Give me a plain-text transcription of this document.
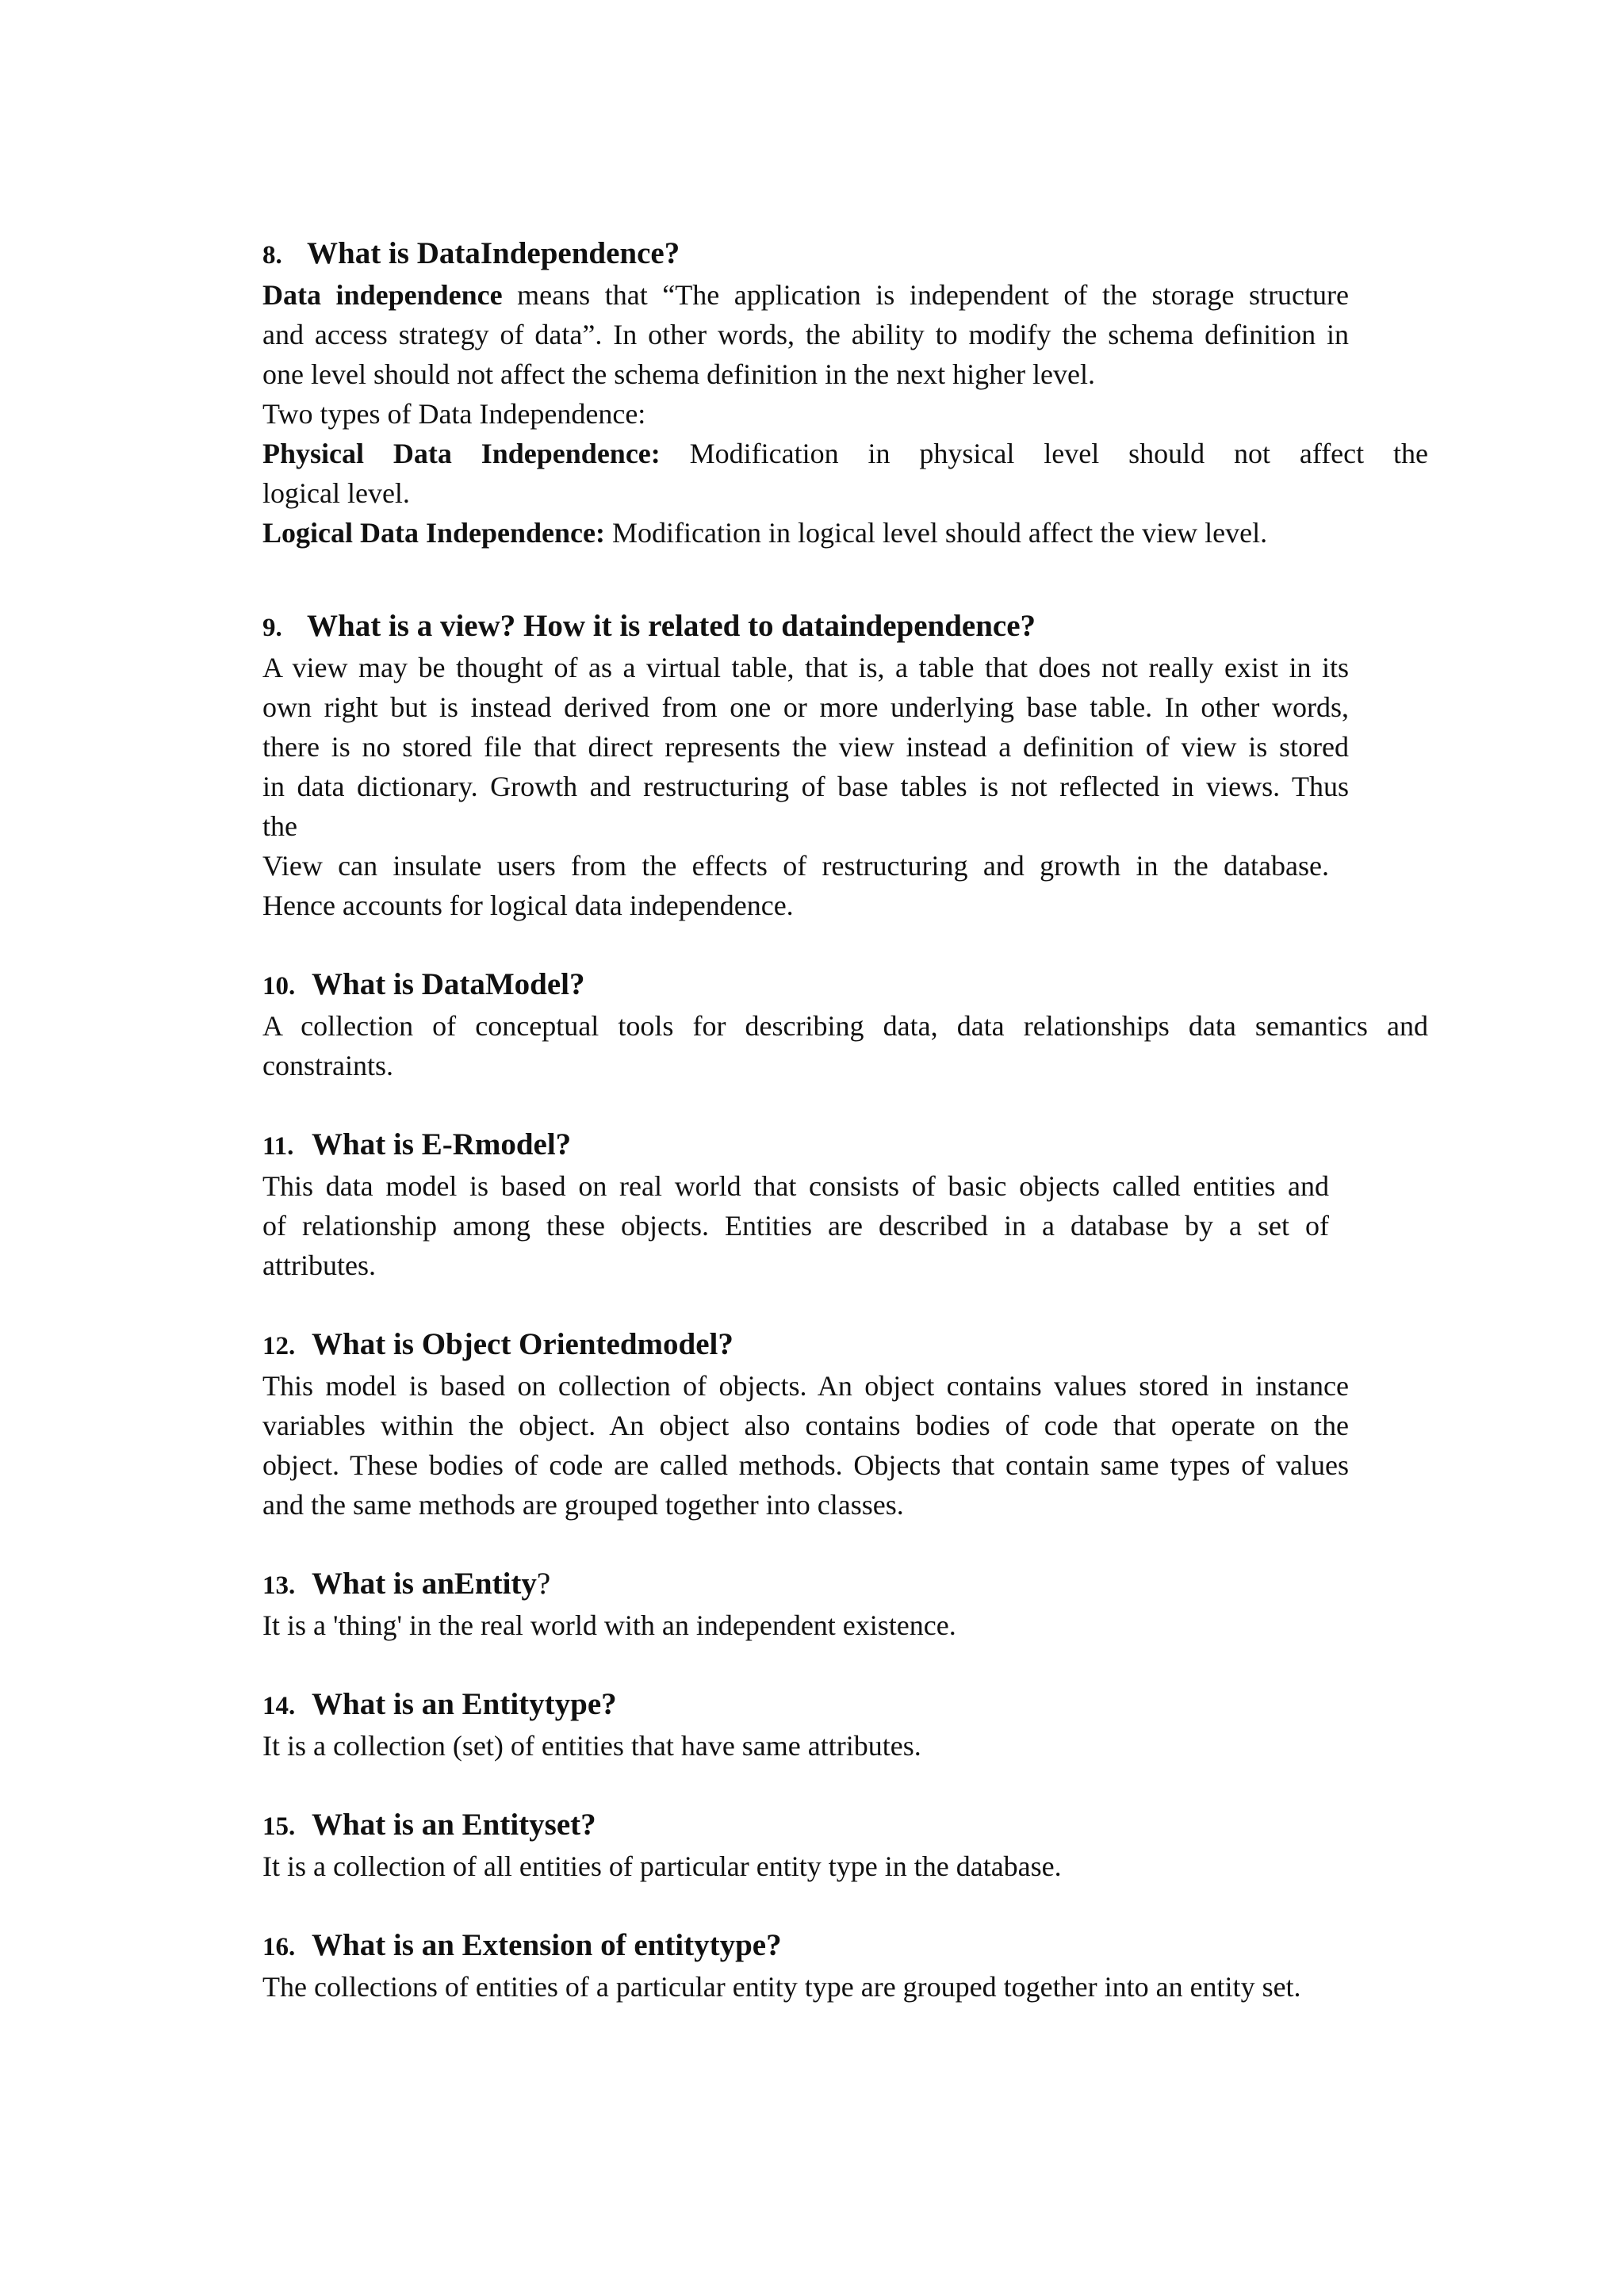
8. What is DataIndependence?

Data independence means that “The application is independent of the storage structure

and access strategy of data”. In other words, the ability to modify the schema definition in

one level should not affect the schema definition in the next higher level.

Two types of Data Independence:

Physical Data Independence: Modification in physical level should not affect the

logical level.

Logical Data Independence: Modification in logical level should affect the view level.

9. What is a view? How it is related to dataindependence?

A view may be thought of as a virtual table, that is, a table that does not really exist in its

own right but is instead derived from one or more underlying base table. In other words,

there is no stored file that direct represents the view instead a definition of view is stored

in data dictionary. Growth and restructuring of base tables is not reflected in views. Thus

the

View can insulate users from the effects of restructuring and growth in the database.

Hence accounts for logical data independence.

10. What is DataModel?

A collection of conceptual tools for describing data, data relationships data semantics and

constraints.

11. What is E-Rmodel?

This data model is based on real world that consists of basic objects called entities and

of relationship among these objects. Entities are described in a database by a set of

attributes.

12. What is Object Orientedmodel?

This model is based on collection of objects. An object contains values stored in instance

variables within the object. An object also contains bodies of code that operate on the

object. These bodies of code are called methods. Objects that contain same types of values

and the same methods are grouped together into classes.

13. What is anEntity?

It is a 'thing' in the real world with an independent existence.

14. What is an Entitytype?

It is a collection (set) of entities that have same attributes.

15. What is an Entityset?

It is a collection of all entities of particular entity type in the database.

16. What is an Extension of entitytype?

The collections of entities of a particular entity type are grouped together into an entity set.
